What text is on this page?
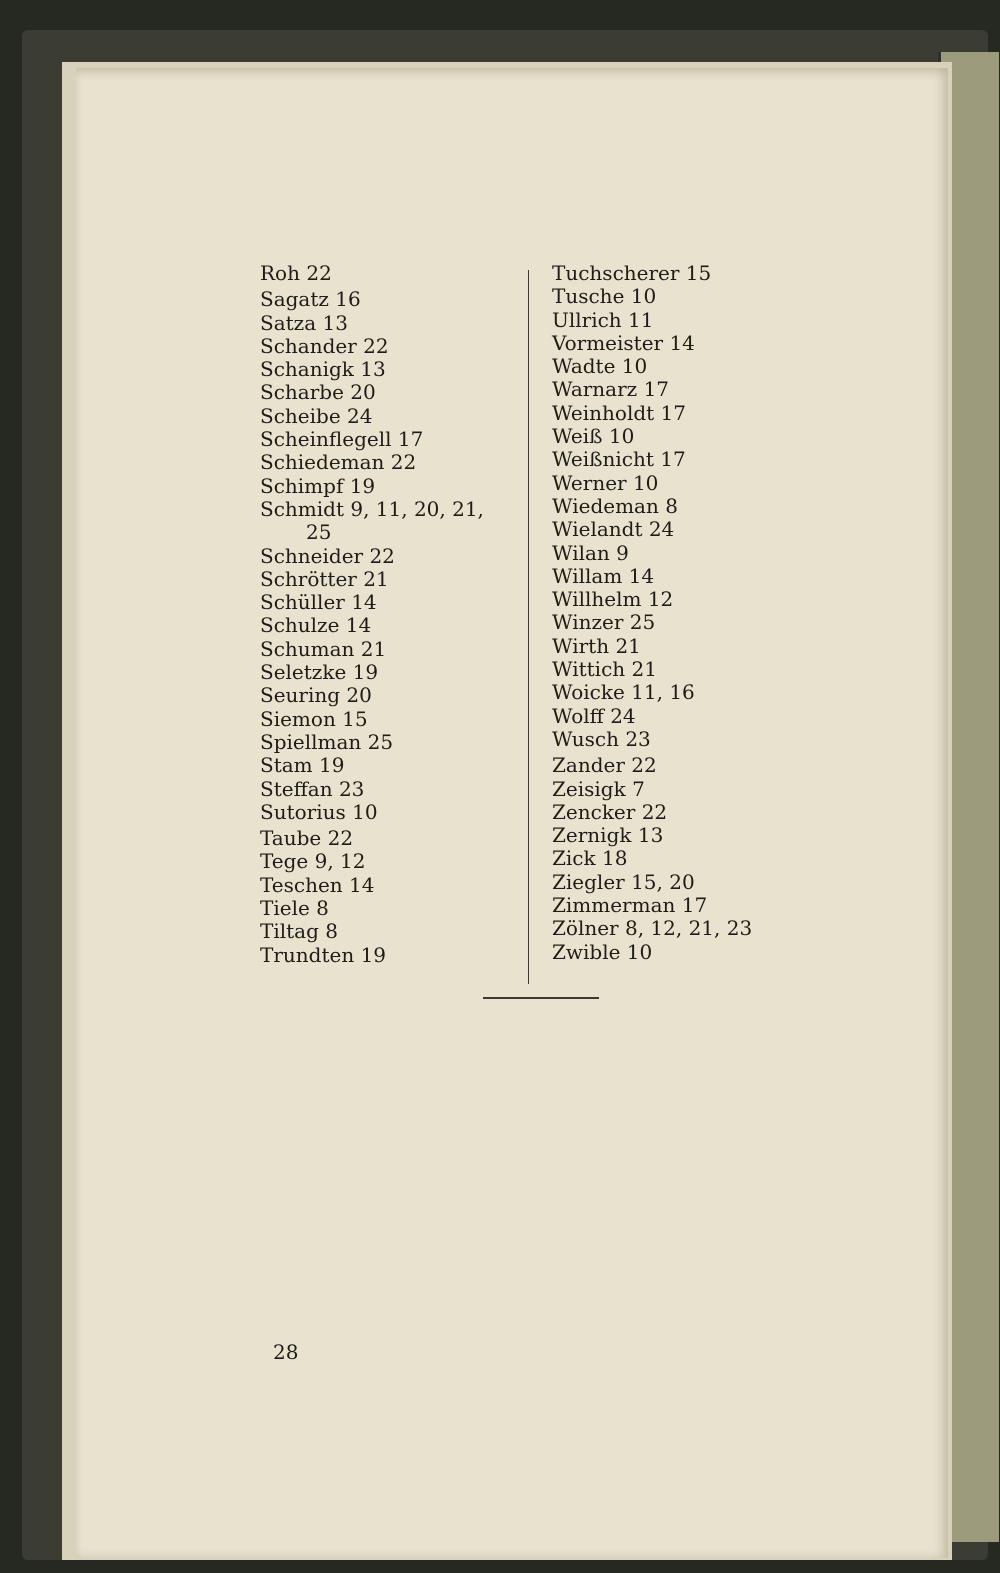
Roh 22
Sagatz 16
Satza 13
Schander 22
Schanigk 13
Scharbe 20
Scheibe 24
Scheinflegell 17
Schiedeman 22
Schimpf 19
Schmidt 9, 11, 20, 21,
25
Schneider 22
Schrötter 21
Schüller 14
Schulze 14
Schuman 21
Seletzke 19
Seuring 20
Siemon 15
Spiellman 25
Stam 19
Steffan 23
Sutorius 10
Taube 22
Tege 9, 12
Teschen 14
Tiele 8
Tiltag 8
Trundten 19
Tuchscherer 15
Tusche 10
Ullrich 11
Vormeister 14
Wadte 10
Warnarz 17
Weinholdt 17
Weiß 10
Weißnicht 17
Werner 10
Wiedeman 8
Wielandt 24
Wilan 9
Willam 14
Willhelm 12
Winzer 25
Wirth 21
Wittich 21
Woicke 11, 16
Wolff 24
Wusch 23
Zander 22
Zeisigk 7
Zencker 22
Zernigk 13
Zick 18
Ziegler 15, 20
Zimmerman 17
Zölner 8, 12, 21, 23
Zwible 10
28
